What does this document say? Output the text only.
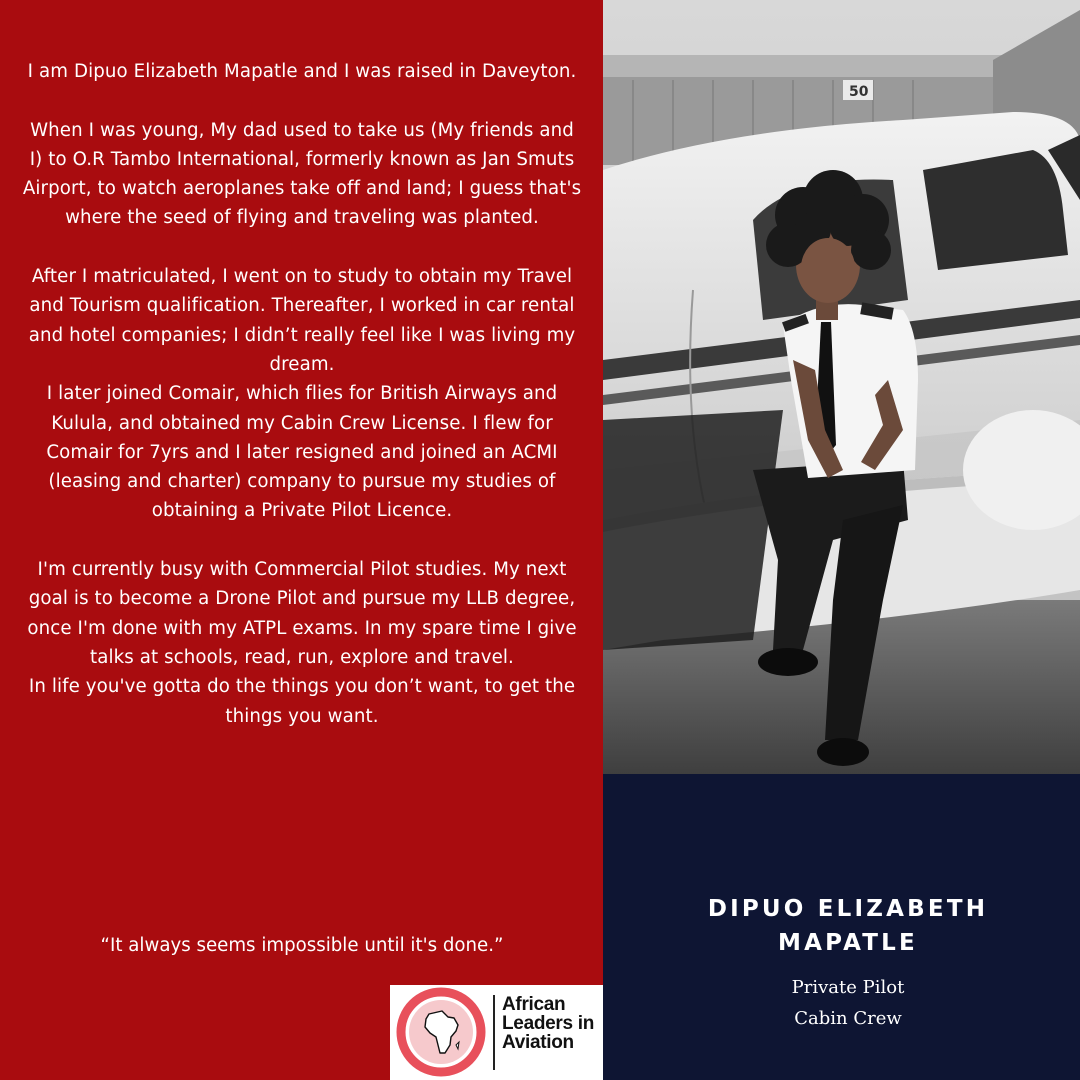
I am Dipuo Elizabeth Mapatle and I was raised in Daveyton.

When I was young, My dad used to take us (My friends and I) to O.R Tambo International, formerly known as Jan Smuts Airport, to watch aeroplanes take off and land; I guess that's where the seed of flying and traveling was planted.

After I matriculated, I went on to study to obtain my Travel and Tourism qualification. Thereafter, I worked in car rental and hotel companies; I didn’t really feel like I was living my dream.

I later joined Comair, which flies for British Airways and Kulula, and obtained my Cabin Crew License. I flew for Comair for 7yrs and I later resigned and joined an ACMI (leasing and charter) company to pursue my studies of obtaining a Private Pilot Licence.

I'm currently busy with Commercial Pilot studies. My next goal is to become a Drone Pilot and pursue my LLB degree, once I'm done with my ATPL exams. In my spare time I give talks at schools, read, run, explore and travel.

In life you've gotta do the things you don’t want, to get the things you want.

“It always seems impossible until it's done.”
African
Leaders in
Aviation
50
DIPUO ELIZABETH
MAPATLE
Private Pilot
Cabin Crew
